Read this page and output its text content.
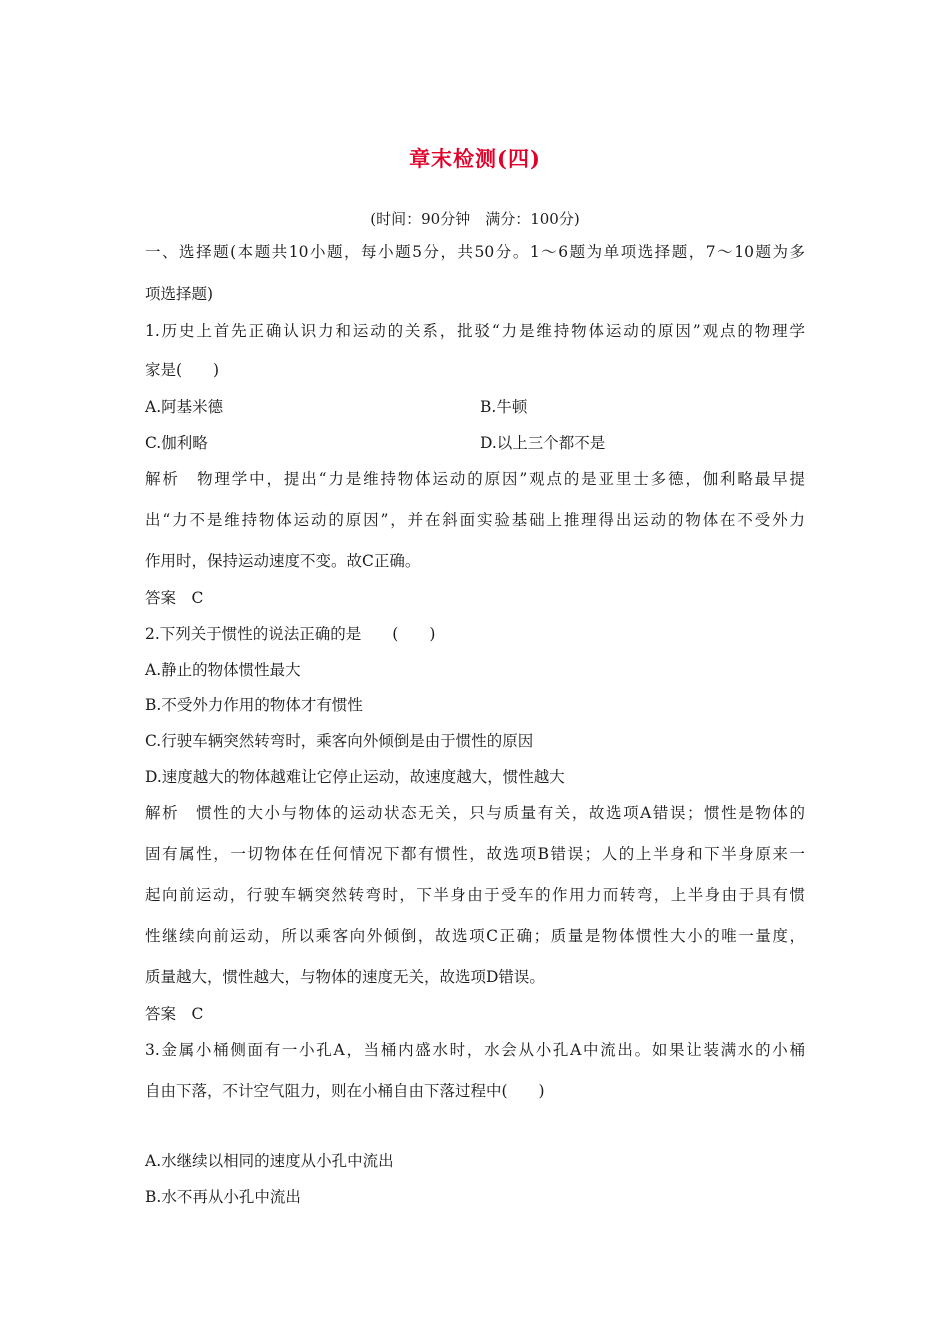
章末检测(四)
(时间：90分钟　满分：100分)
一、选择题(本题共10小题，每小题5分，共50分。1～6题为单项选择题，7～10题为多
项选择题)
1.历史上首先正确认识力和运动的关系，批驳“力是维持物体运动的原因”观点的物理学
家是(　　)
A.阿基米德	B.牛顿
C.伽利略	D.以上三个都不是
解析　物理学中，提出“力是维持物体运动的原因”观点的是亚里士多德，伽利略最早提
出“力不是维持物体运动的原因”，并在斜面实验基础上推理得出运动的物体在不受外力
作用时，保持运动速度不变。故C正确。
答案　C
2.下列关于惯性的说法正确的是　　(　　)
A.静止的物体惯性最大
B.不受外力作用的物体才有惯性
C.行驶车辆突然转弯时，乘客向外倾倒是由于惯性的原因
D.速度越大的物体越难让它停止运动，故速度越大，惯性越大
解析　惯性的大小与物体的运动状态无关，只与质量有关，故选项A错误；惯性是物体的
固有属性，一切物体在任何情况下都有惯性，故选项B错误；人的上半身和下半身原来一
起向前运动，行驶车辆突然转弯时，下半身由于受车的作用力而转弯，上半身由于具有惯
性继续向前运动，所以乘客向外倾倒，故选项C正确；质量是物体惯性大小的唯一量度，
质量越大，惯性越大，与物体的速度无关，故选项D错误。
答案　C
3.金属小桶侧面有一小孔A，当桶内盛水时，水会从小孔A中流出。如果让装满水的小桶
自由下落，不计空气阻力，则在小桶自由下落过程中(　　)
A.水继续以相同的速度从小孔中流出
B.水不再从小孔中流出
